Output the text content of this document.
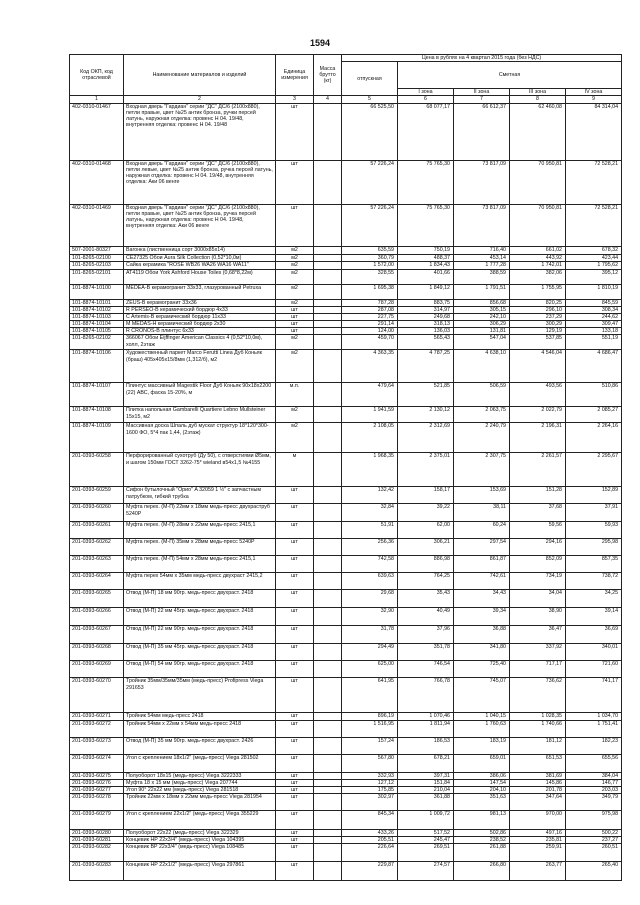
1594
Код ОКП, код отраслевой	Наименование материалов и изделий	Единица измерения	Масса брутто (кг)	Цена в рублях на 4 квартал 2015 года (без НДС)				
				отпускная	Сметная			
					I зона	II зона	III зона	IV зона
1	2	3	4	5	6	7	8	9
402-0310-01467	Входная дверь "Гардиан" серии "ДС" ДС/6 (2100х880), петли правые, цвет №25 антик бронза, ручки персей латунь, наружная отделка: провенс Н 04. 19/48, внутренняя отделка: провенс Н 04. 19/48	шт		66 525,50	68 077,17	66 612,37	62 460,08	84 314,04
402-0310-01468	Входная дверь "Гардиан" серии "ДС" ДС/6 (2100х880), петли левые, цвет №25 антик бронза, ручка персей латунь, наружная отделка: провенс Н 04. 19/48, внутренняя отделка: Аки 06 венге	шт		57 226,24	75 765,30	73 817,09	70 950,81	72 528,21
402-0310-01469	Входная дверь "Гардиан" серии "ДС" ДС/6 (2100х880), петли правые, цвет №25 антик бронза, ручка персей латунь, наружная отделка: провенс Н 04. 19/48, внутренняя отделка: Аки 06 венге	шт		57 226,24	75 765,30	73 817,09	70 950,81	72 528,21
507-2001-80327	Вагонка (лиственница сорт 3000х85х14)	м2		635,59	750,19	716,40	661,02	678,32
101-8265-02100	CE27325 Обои Aura Silk Collection (0,52*10,0м)	м2		360,79	488,37	453,14	443,92	423,44
101-8265-02103	Сайка керамика "ROSE WB26 WA26 WA16 WA11"	м2		1 572,00	1 834,43	1 777,28	1 742,01	1 795,62
101-8265-02101	AT4119 Обои York Ashford House Toiles (0,68*8,22м)	м2		328,55	401,66	388,59	382,06	395,12
101-8874-10100	MEDEA-В керамогранит 33х33, глазурованный Petruxa	м2		1 695,38	1 849,12	1 791,51	1 755,95	1 810,19
101-8874-10101	ZEUS-В керамогранит 33х36	м2		787,28	883,75	856,68	820,25	845,59
101-8874-10102	R PERSEO-В керамический бордюр 4х33	шт		287,08	314,97	305,15	296,10	308,34
101-8874-10103	C Artemis-В керамический бордюр 11х33	шт		227,75	249,68	242,10	237,29	244,62
101-8874-10104	M MEDAS-Н керамический бордюр 2х30	шт		291,14	318,13	306,29	300,29	309,47
101-8874-10105	R CRONOS-В плинтус 6х33	шт		124,00	136,03	131,81	129,19	133,18
101-8265-02102	366067 Обои Eijffinger American Classics 4 (0,52*10,0м), холл, 2этаж	м2		459,70	565,43	547,04	537,85	551,19
101-8874-10106	Художественный паркет Marco Ferutti Linea Дуб Коньяк (браш) 405х405х15/8мм (1,312/б), м2	м2		4 363,35	4 787,25	4 638,10	4 546,04	4 686,47
101-8874-10107	Плинтус массивный Magestik Floor Дуб Коньяк 90х18х2200 (22) АВС, фаска 15-20%, м	м.п.		479,64	521,85	506,59	493,56	510,86
101-8874-10108	Плитка напольная Gambarelli Quartiere Lebno Mullsteiner 15х15, м2	м2		1 941,59	2 130,12	2 063,75	2 022,79	2 085,27
101-8874-10109	Массивная доска Шпаль дуб мускат структур 18*120*300-1600 ФО, 5*4 пак 1,44, (2этаж)	м2		2 108,05	2 312,69	2 240,79	2 196,31	2 264,16
201-0393-60258	Перфорированный сухотруб (Ду 50), с отверстиями Ø5мм, и шагом 150мм ГОСТ 3262-75* wieland в54х1,5 №4155	м		1 968,35	2 375,01	2 307,75	2 261,57	2 295,67
201-0393-60259	Сифон бутылочный "Орио" A 32059 1 ½" с запчастным патрубком, гибкий трубка	шт		132,42	158,17	153,69	151,28	152,89
201-0393-60260	Муфта перех. (М-П) 22мм х 18мм медь-пресс двухраструб 5240Р	шт		32,84	39,22	38,11	37,68	37,91
201-0393-60261	Муфта перех. (М-П) 28мм х 22мм медь-пресс 2415,1	шт		51,91	62,00	60,24	59,56	59,93
201-0393-60262	Муфта перех. (М-П) 35мм х 28мм медь-пресс 5240Р	шт		256,36	306,21	297,54	294,16	295,98
201-0393-60263	Муфта перех. (М-П) 54мм х 28мм медь-пресс 2415,1	шт		742,58	886,98	861,87	852,09	857,35
201-0393-60264	Муфта перех 54мм х 35мм медь-пресс двухраст 2415,2	шт		639,63	764,25	742,61	734,19	738,72
201-0393-60265	Отвод (М-П) 18 мм 90гр. медь-пресс двухраст. 2418	шт		29,68	35,43	34,43	34,04	34,25
201-0393-60266	Отвод (М-П) 22 мм 45гр. медь-пресс двухраст. 2418	шт		32,90	40,49	39,34	38,90	39,14
201-0393-60267	Отвод (М-П) 22 мм 90гр. медь-пресс двухраст. 2418	шт		31,78	37,96	36,88	36,47	36,69
201-0393-60268	Отвод (М-П) 35 мм 45гр. медь-пресс двухраст. 2418	шт		294,49	351,78	341,80	337,92	340,01
201-0393-60269	Отвод (М-П) 54 мм 90гр. медь-пресс двухраст. 2418	шт		625,00	746,54	725,40	717,17	721,60
201-0393-60270	Тройник 35мм/35мм/35мм (медь-пресс) Profipress Viega 291653	шт		641,95	766,78	745,07	736,62	741,17
201-0393-60271	Тройник 54мм медь-пресс 2418	шт		896,19	1 070,46	1 040,15	1 028,35	1 034,70
201-0393-60272	Тройник 54мм х 22мм х 54мм медь-пресс 2418	шт		1 516,95	1 811,94	1 760,63	1 740,66	1 751,41
201-0393-60273	Отвод (М-П) 35 мм 90гр. медь-пресс двухраст. 2426	шт		157,24	186,53	183,19	181,12	182,23
201-0393-60274	Угол с креплением 18х1/2" (медь-пресс) Viega 281502	шт		567,80	678,21	659,01	651,53	655,56
201-0393-60275	Полуоборот 18х15 (медь-пресс) Viega 3222333	шт		332,93	397,31	386,06	381,69	384,04
201-0393-60276	Муфта 18 х 15 мм (медь-пресс) Viega 207744	шт		127,12	151,84	147,54	145,86	146,77
201-0393-60277	Угол 90° 22х22 мм (медь-пресс) Viega 281518	шт		175,85	210,04	204,10	201,78	203,03
201-0393-60278	Тройник 22мм х 18мм х 22мм медь-пресс Viega 281954	шт		302,97	361,88	351,63	347,64	349,79
201-0393-60279	Угол с креплением 22х1/2" (медь-пресс) Viega 355229	шт		845,34	1 009,72	981,13	970,00	975,98
201-0393-60280	Полуоборот 22х22 (медь-пресс) Viega 322329	шт		433,26	517,52	502,86	497,16	500,22
201-0393-60281	Концевик НР 22х3/4" (медь-пресс) Viega 104395	шт		205,51	245,47	238,52	235,81	237,27
201-0393-60282	Концевик ВР 22х3/4" (медь-пресс) Viega 108485	шт		226,64	269,51	261,88	259,91	260,51
201-0393-60283	Концевик НР 22х1/2" (медь-пресс) Viega 297861	шт		229,87	274,57	266,80	263,77	265,40
